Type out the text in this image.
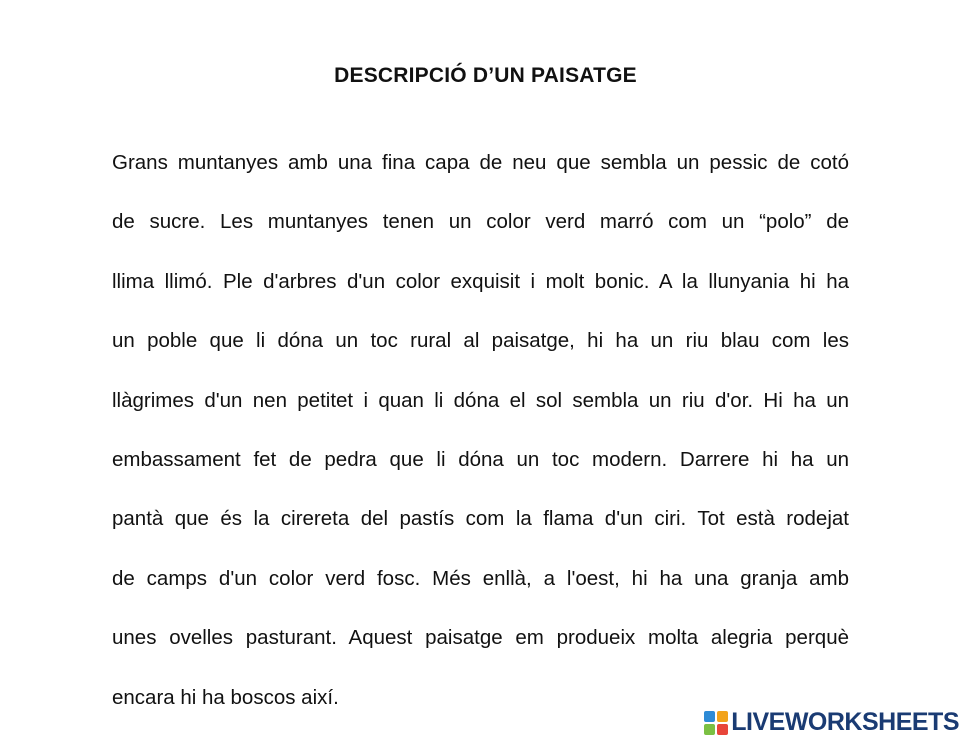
DESCRIPCIÓ D’UN PAISATGE
Grans muntanyes amb una fina capa de neu que sembla un pessic de cotó
de sucre. Les muntanyes tenen un color verd marró com un “polo” de
llima llimó. Ple d'arbres d'un color exquisit i molt bonic. A la llunyania hi ha
un poble que li dóna un toc rural al paisatge, hi ha un riu blau com les
llàgrimes d'un nen petitet i quan li dóna el sol sembla un riu d'or. Hi ha un
embassament fet de pedra que li dóna un toc modern. Darrere hi ha un
pantà que és la cirereta del pastís com la flama d'un ciri. Tot està rodejat
de camps d'un color verd fosc. Més enllà, a l'oest, hi ha una granja amb
unes ovelles pasturant. Aquest paisatge em produeix molta alegria perquè
encara hi ha boscos així.
LIVEWORKSHEETS
